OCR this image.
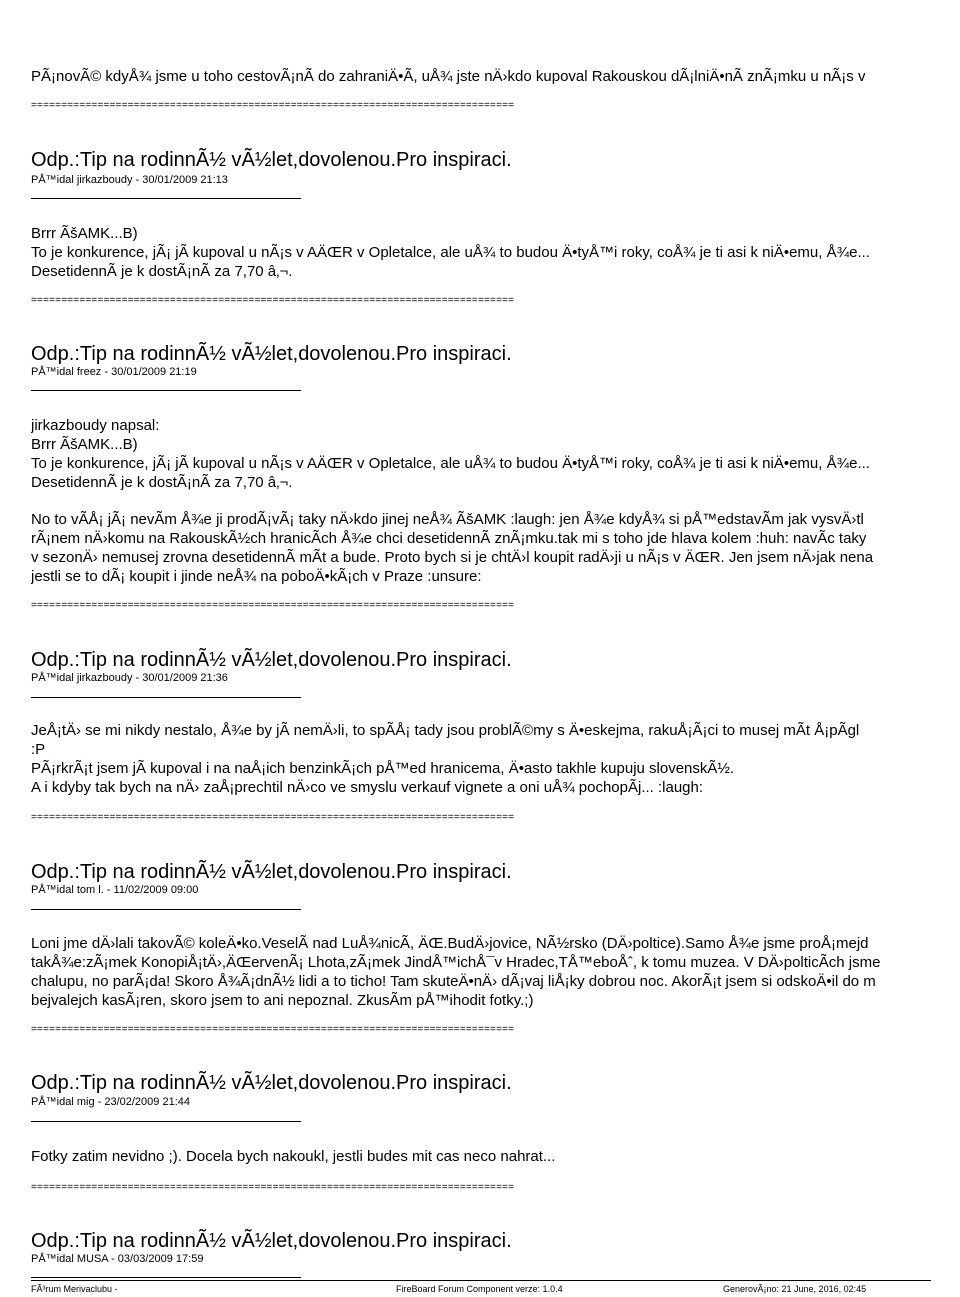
PÃ¡novÃ© kdyÅ¾ jsme u toho cestovÃ¡nÃ do zahraniÄ•Ã, uÅ¾ jste nÄ›kdo kupoval Rakouskou dÃ¡lniÄ•nÃ znÃ¡mku u nÃ¡s v
================================================================================
Odp.:Tip na rodinnÃ½ vÃ½let,dovolenou.Pro inspiraci.
PÅ™idal jirkazboudy - 30/01/2009 21:13
Brrr ÃšAMK...B)
To je konkurence, jÃ¡ jÃ kupoval u nÃ¡s v AÄŒR v Opletalce, ale uÅ¾ to budou Ä•tyÅ™i roky, coÅ¾ je ti asi k niÄ•emu, Å¾e...
DesetidennÃ je k dostÃ¡nÃ za 7,70 â‚¬.
================================================================================
Odp.:Tip na rodinnÃ½ vÃ½let,dovolenou.Pro inspiraci.
PÅ™idal freez - 30/01/2009 21:19
jirkazboudy napsal:
Brrr ÃšAMK...B)
To je konkurence, jÃ¡ jÃ kupoval u nÃ¡s v AÄŒR v Opletalce, ale uÅ¾ to budou Ä•tyÅ™i roky, coÅ¾ je ti asi k niÄ•emu, Å¾e...
DesetidennÃ je k dostÃ¡nÃ za 7,70 â‚¬.
No to vÃÅ¡ jÃ¡ nevÃm Å¾e ji prodÃ¡vÃ¡ taky nÄ›kdo jinej neÅ¾ ÃšAMK :laugh: jen Å¾e kdyÅ¾ si pÅ™edstavÃm jak vysvÄ›tl
rÃ¡nem nÄ›komu na RakouskÃ½ch hranicÃch Å¾e chci desetidennÃ znÃ¡mku.tak mi s toho jde hlava kolem :huh: navÃc taky
v sezonÄ› nemusej zrovna desetidennÃ mÃt a bude. Proto bych si je chtÄ›l koupit radÄ›ji u nÃ¡s v ÄŒR. Jen jsem nÄ›jak nena
jestli se to dÃ¡ koupit i jinde neÅ¾ na poboÄ•kÃ¡ch v Praze :unsure:
================================================================================
Odp.:Tip na rodinnÃ½ vÃ½let,dovolenou.Pro inspiraci.
PÅ™idal jirkazboudy - 30/01/2009 21:36
JeÅ¡tÄ› se mi nikdy nestalo, Å¾e by jÃ nemÄ›li, to spÃÅ¡ tady jsou problÃ©my s Ä•eskejma, rakuÅ¡Ã¡ci to musej mÃt Å¡pÃgl
:P
PÃ¡rkrÃ¡t jsem jÃ kupoval i na naÅ¡ich benzinkÃ¡ch pÅ™ed hranicema, Ä•asto takhle kupuju slovenskÃ½.
A i kdyby tak bych na nÄ› zaÅ¡prechtil nÄ›co ve smyslu verkauf vignete a oni uÅ¾ pochopÃj... :laugh:
================================================================================
Odp.:Tip na rodinnÃ½ vÃ½let,dovolenou.Pro inspiraci.
PÅ™idal tom l. - 11/02/2009 09:00
Loni jme dÄ›lali takovÃ© koleÄ•ko.VeselÃ nad LuÅ¾nicÃ, ÄŒ.BudÄ›jovice, NÃ½rsko (DÄ›poltice).Samo Å¾e jsme proÅ¡mejd
takÅ¾e:zÃ¡mek KonopiÅ¡tÄ›,ÄŒervenÃ¡ Lhota,zÃ¡mek JindÅ™ichÅ¯v Hradec,TÅ™eboÅˆ, k tomu muzea. V DÄ›polticÃch jsme
chalupu, no parÃ¡da! Skoro Å¾Ã¡dnÃ½ lidi a to ticho! Tam skuteÄ•nÄ› dÃ¡vaj liÅ¡ky dobrou noc. AkorÃ¡t jsem si odskoÄ•il do m
bejvalejch kasÃ¡ren, skoro jsem to ani nepoznal. ZkusÃm pÅ™ihodit fotky.;)
================================================================================
Odp.:Tip na rodinnÃ½ vÃ½let,dovolenou.Pro inspiraci.
PÅ™idal mig - 23/02/2009 21:44
Fotky zatim nevidno ;). Docela bych nakoukl, jestli budes mit cas neco nahrat...
================================================================================
Odp.:Tip na rodinnÃ½ vÃ½let,dovolenou.Pro inspiraci.
PÅ™idal MUSA - 03/03/2009 17:59
FÃ³rum Merivaclubu -	FireBoard Forum Component verze: 1.0.4	GenerovÃ¡no: 21 June, 2016, 02:45
